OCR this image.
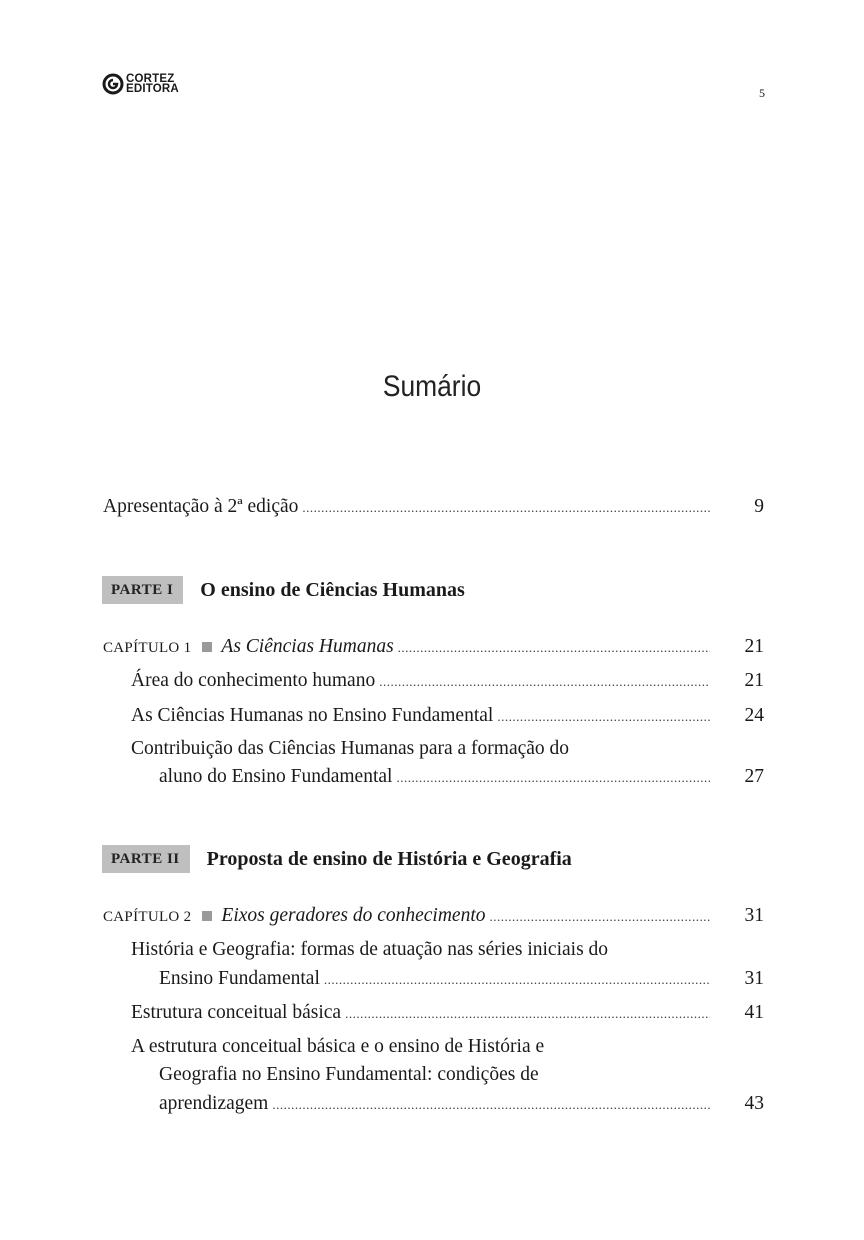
CORTEZ
EDITORA	5
Sumário
Apresentação à 2ª edição .....	9
PARTE I	O ensino de Ciências Humanas
CAPÍTULO 1 As Ciências Humanas .....	21
Área do conhecimento humano .....	21
As Ciências Humanas no Ensino Fundamental .....	24
Contribuição das Ciências Humanas para a formação do
aluno do Ensino Fundamental .....	27
PARTE II	Proposta de ensino de História e Geografia
CAPÍTULO 2 Eixos geradores do conhecimento .....	31
História e Geografia: formas de atuação nas séries iniciais do
Ensino Fundamental .....	31
Estrutura conceitual básica .....	41
A estrutura conceitual básica e o ensino de História e
Geografia no Ensino Fundamental: condições de
aprendizagem .....	43
